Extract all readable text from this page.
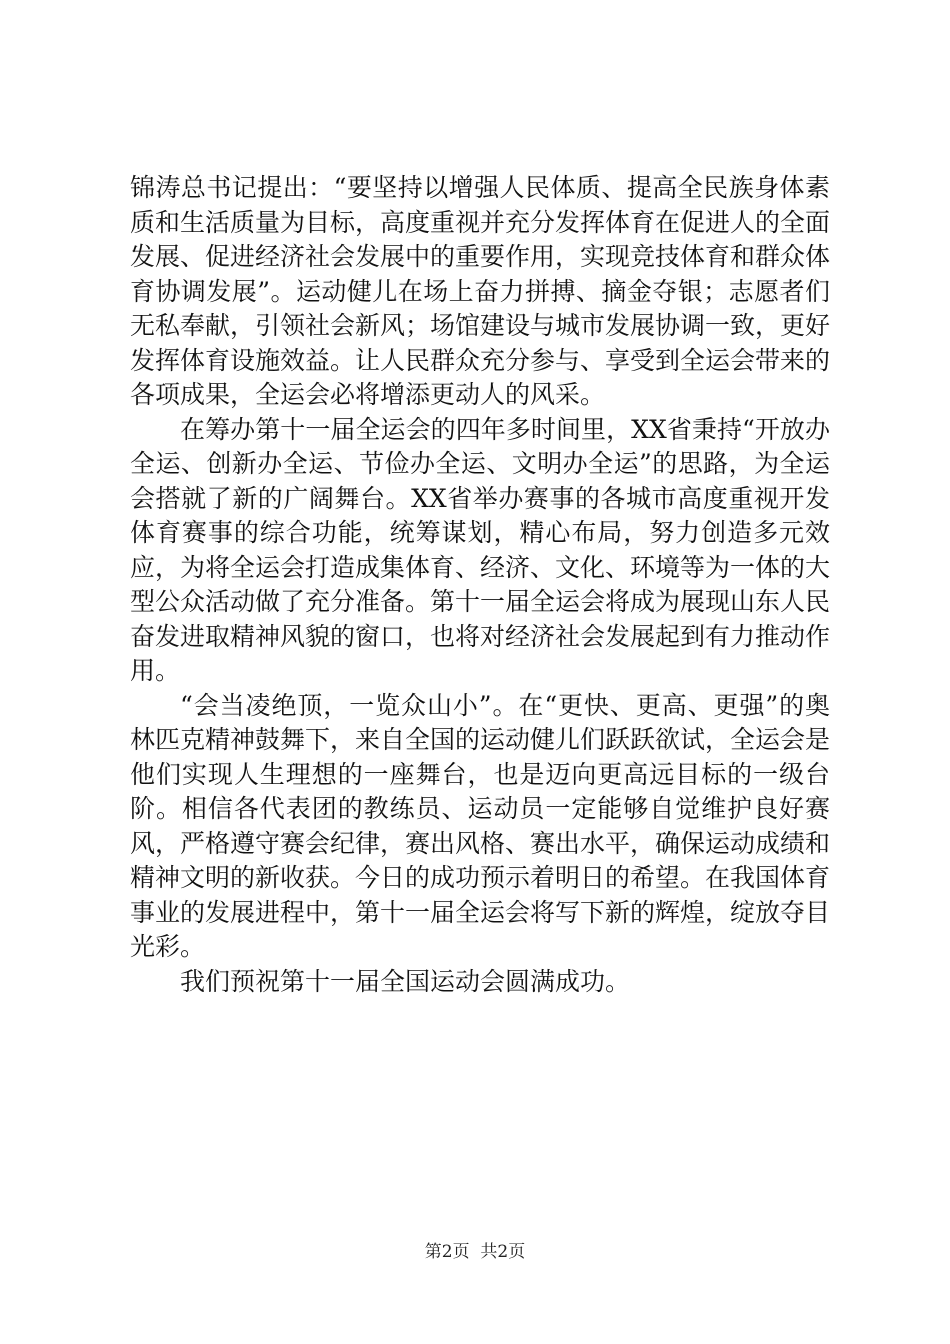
锦涛总书记提出：“要坚持以增强人民体质、提高全民族身体素质和生活质量为目标，高度重视并充分发挥体育在促进人的全面发展、促进经济社会发展中的重要作用，实现竞技体育和群众体育协调发展”。运动健儿在场上奋力拼搏、摘金夺银；志愿者们无私奉献，引领社会新风；场馆建设与城市发展协调一致，更好发挥体育设施效益。让人民群众充分参与、享受到全运会带来的各项成果，全运会必将增添更动人的风采。

在筹办第十一届全运会的四年多时间里，XX省秉持“开放办全运、创新办全运、节俭办全运、文明办全运”的思路，为全运会搭就了新的广阔舞台。XX省举办赛事的各城市高度重视开发体育赛事的综合功能，统筹谋划，精心布局，努力创造多元效应，为将全运会打造成集体育、经济、文化、环境等为一体的大型公众活动做了充分准备。第十一届全运会将成为展现山东人民奋发进取精神风貌的窗口，也将对经济社会发展起到有力推动作用。

“会当凌绝顶，一览众山小”。在“更快、更高、更强”的奥林匹克精神鼓舞下，来自全国的运动健儿们跃跃欲试，全运会是他们实现人生理想的一座舞台，也是迈向更高远目标的一级台阶。相信各代表团的教练员、运动员一定能够自觉维护良好赛风，严格遵守赛会纪律，赛出风格、赛出水平，确保运动成绩和精神文明的新收获。今日的成功预示着明日的希望。在我国体育事业的发展进程中，第十一届全运会将写下新的辉煌，绽放夺目光彩。

我们预祝第十一届全国运动会圆满成功。

第2页  共2页
